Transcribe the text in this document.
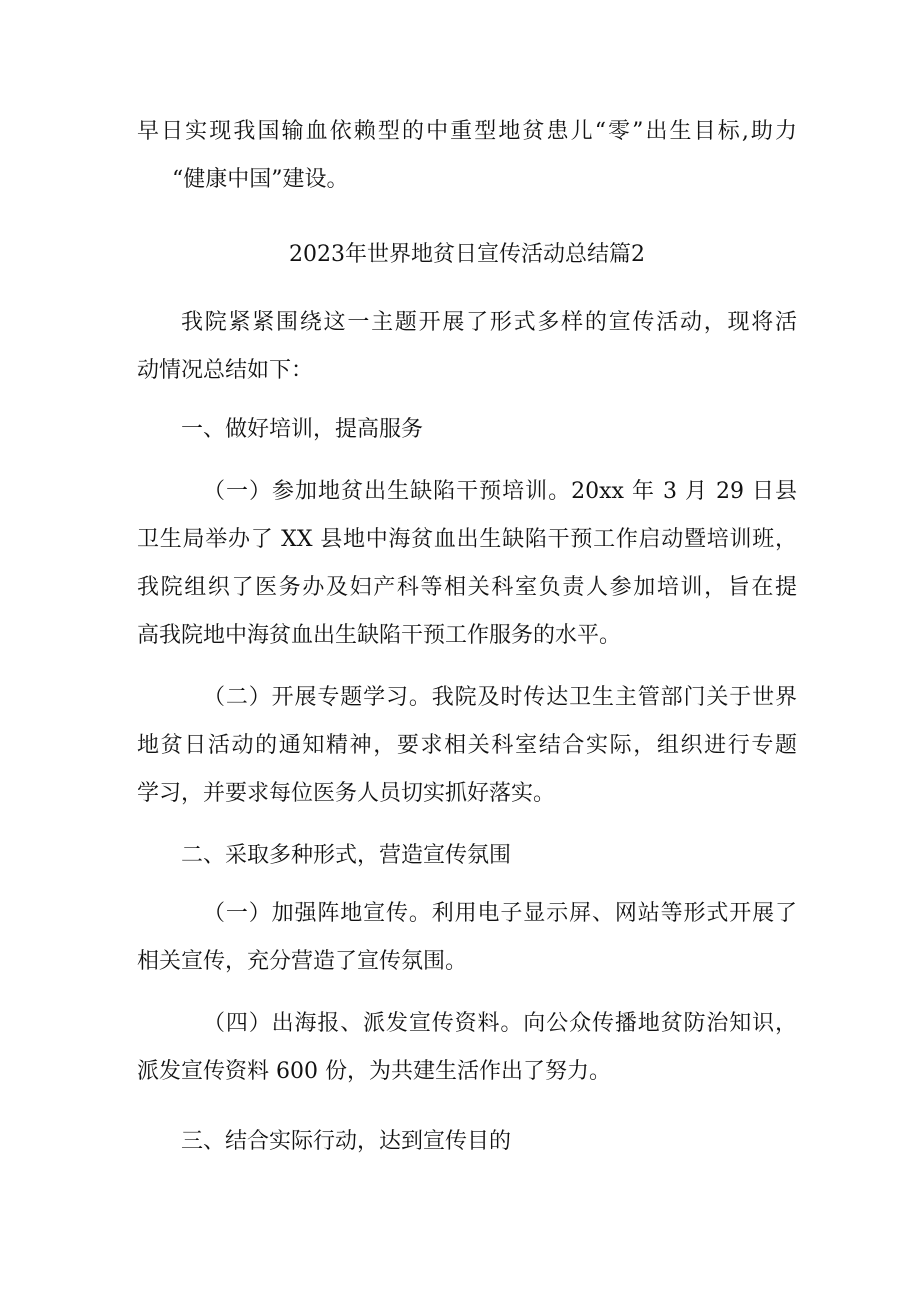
早日实现我国输血依赖型的中重型地贫患儿“零”出生目标,助力
“健康中国”建设。
2023年世界地贫日宣传活动总结篇2
我院紧紧围绕这一主题开展了形式多样的宣传活动，现将活
动情况总结如下：
一、做好培训，提高服务
（一）参加地贫出生缺陷干预培训。20xx 年 3 月 29 日县
卫生局举办了 XX 县地中海贫血出生缺陷干预工作启动暨培训班，
我院组织了医务办及妇产科等相关科室负责人参加培训，旨在提
高我院地中海贫血出生缺陷干预工作服务的水平。
（二）开展专题学习。我院及时传达卫生主管部门关于世界
地贫日活动的通知精神，要求相关科室结合实际，组织进行专题
学习，并要求每位医务人员切实抓好落实。
二、采取多种形式，营造宣传氛围
（一）加强阵地宣传。利用电子显示屏、网站等形式开展了
相关宣传，充分营造了宣传氛围。
（四）出海报、派发宣传资料。向公众传播地贫防治知识，
派发宣传资料 600 份，为共建生活作出了努力。
三、结合实际行动，达到宣传目的
